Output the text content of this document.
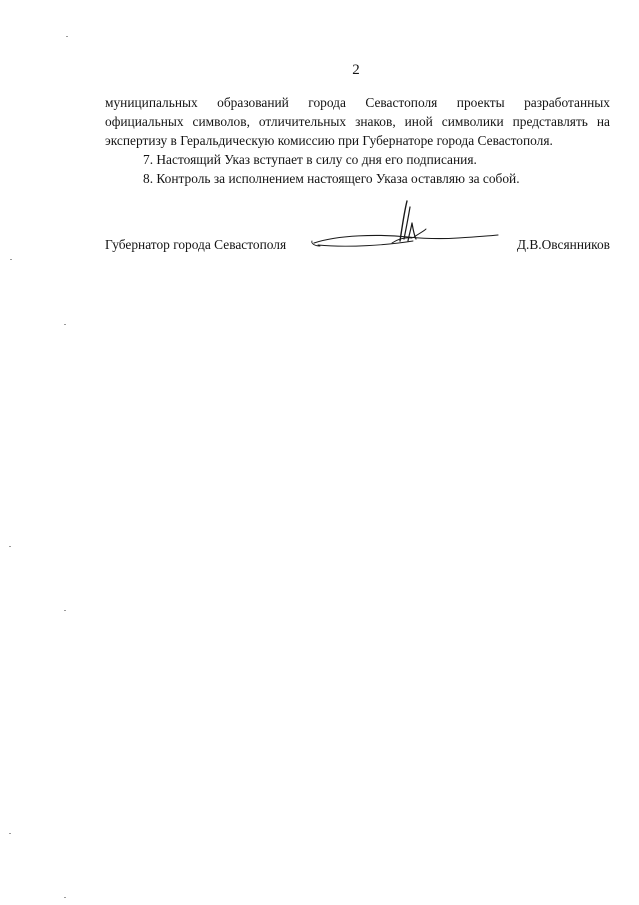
2

муниципальных образований города Севастополя проекты разработанных
официальных символов, отличительных знаков, иной символики представлять на
экспертизу в Геральдическую комиссию при Губернаторе города Севастополя.

7. Настоящий Указ вступает в силу со дня его подписания.

8. Контроль за исполнением настоящего Указа оставляю за собой.

Губернатор города Севастополя	Д.В.Овсянников
